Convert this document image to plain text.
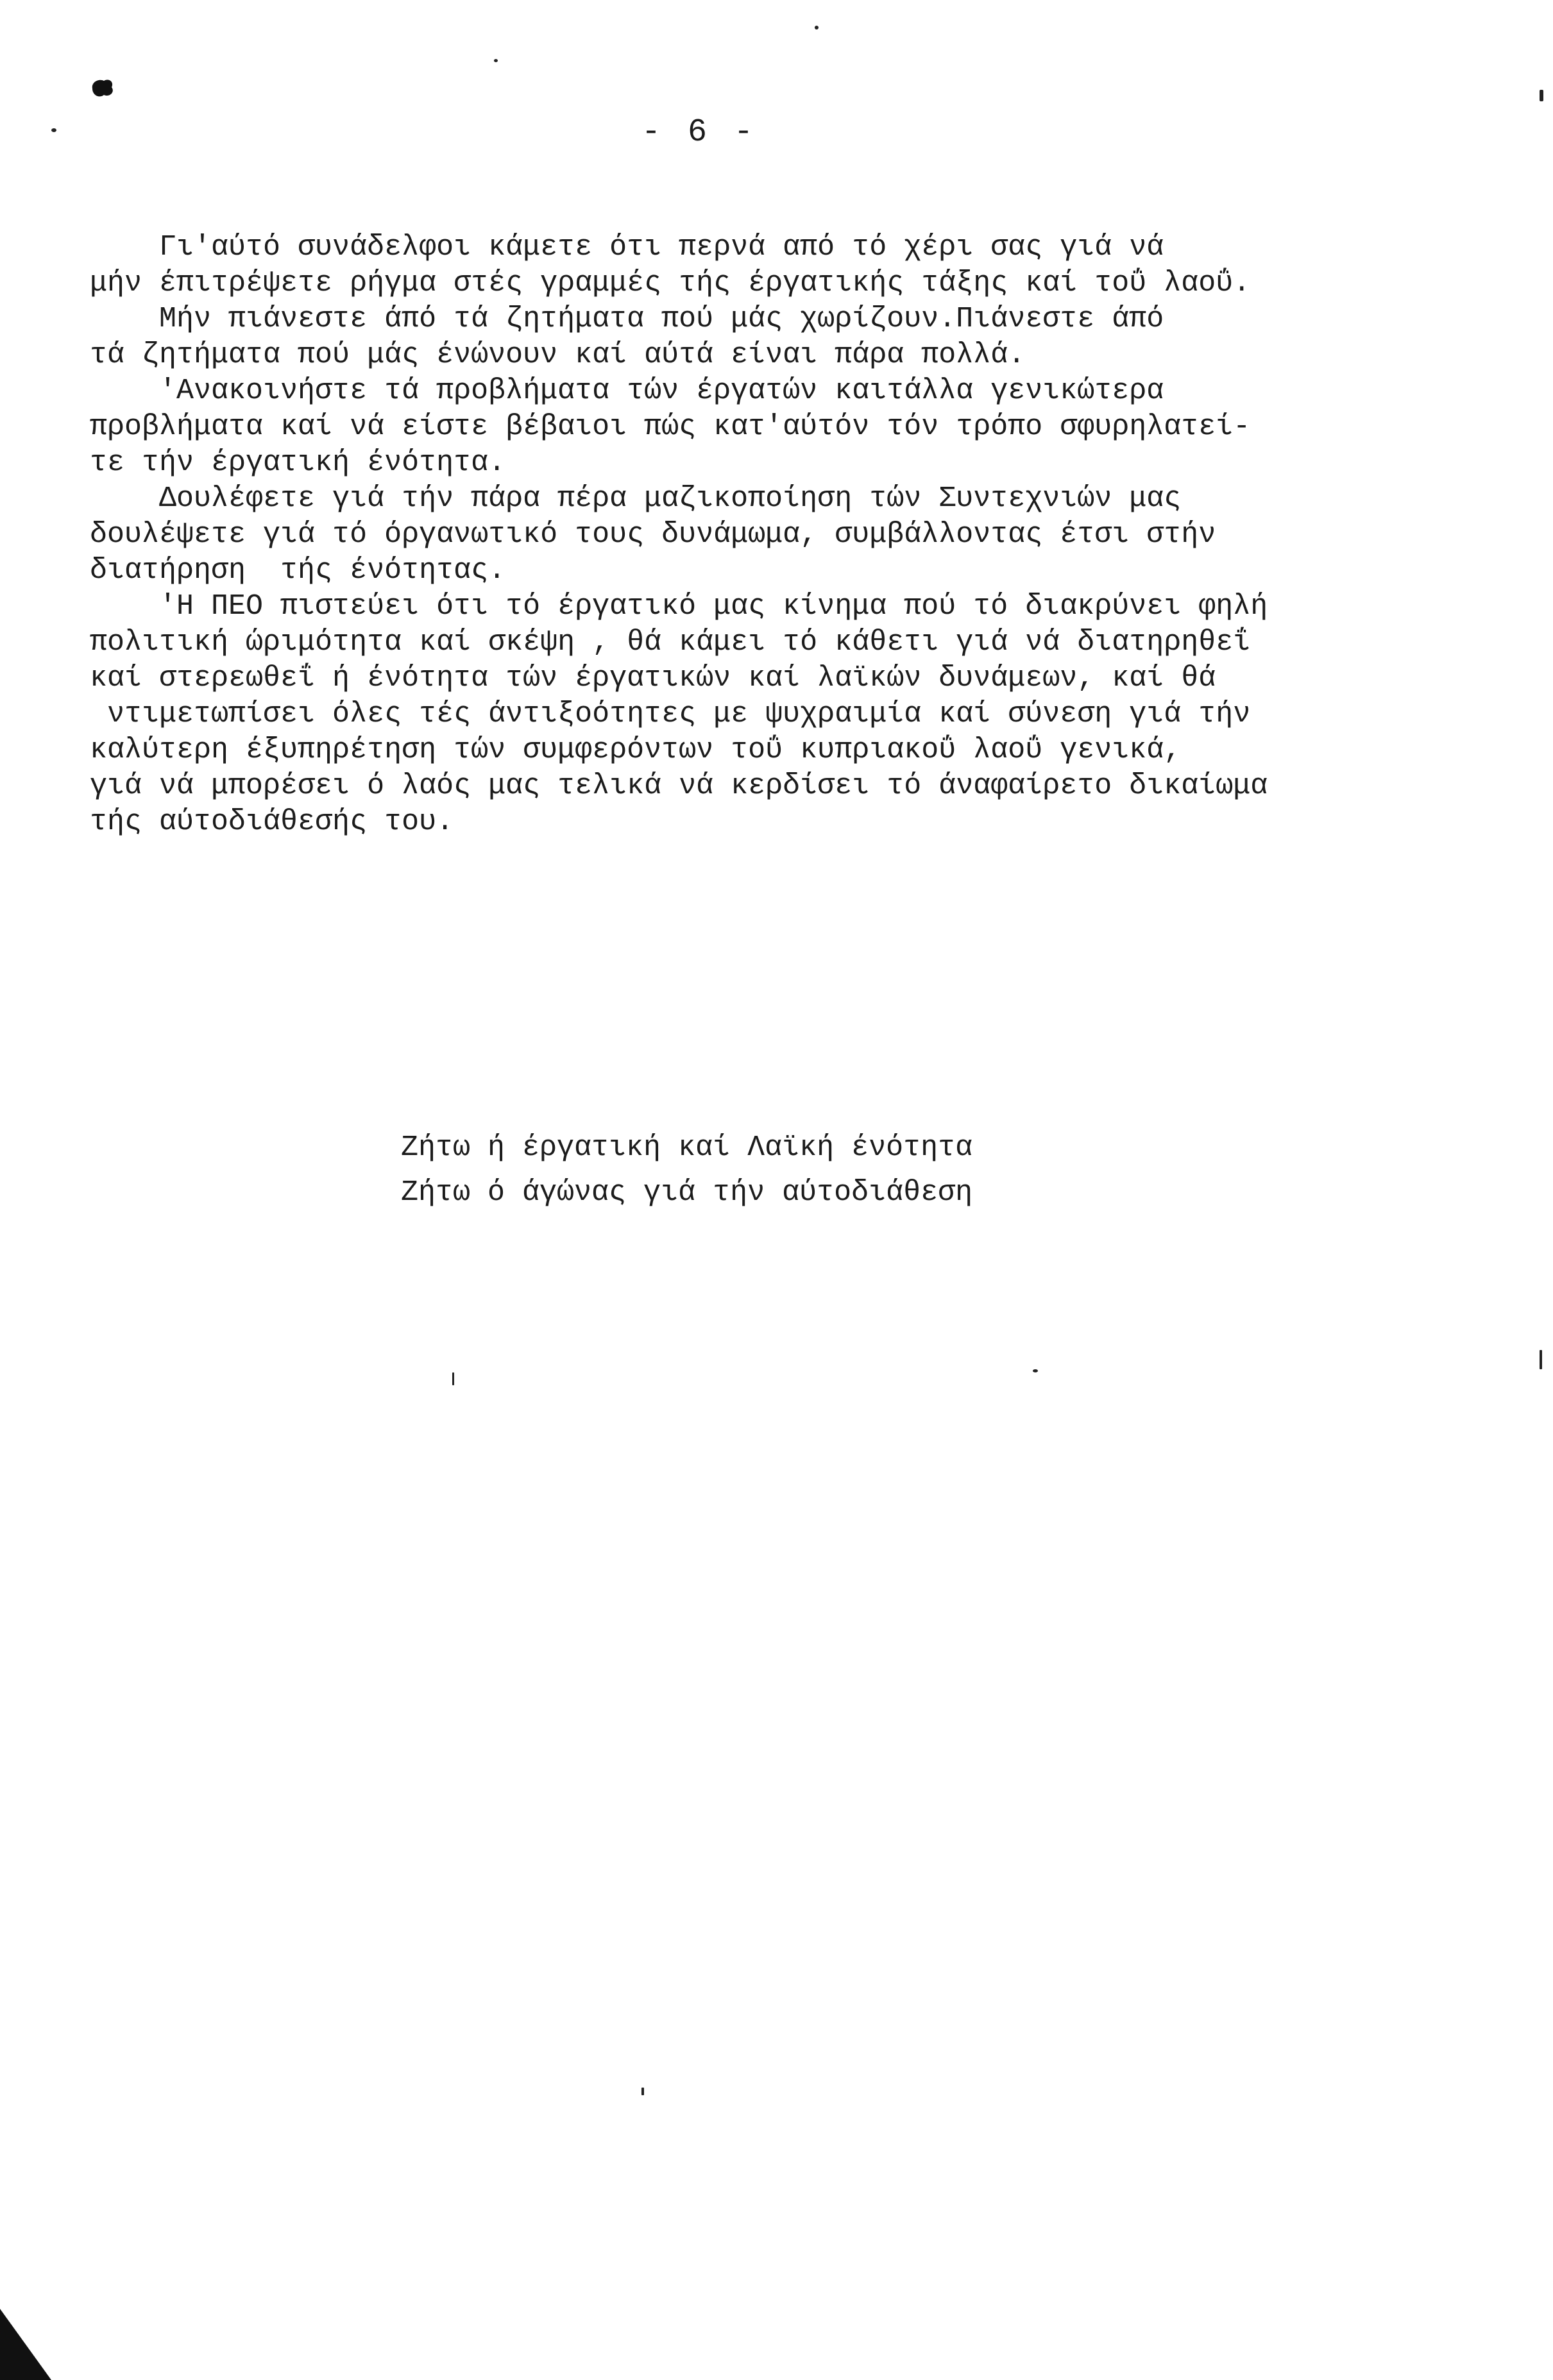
- 6 -
Γι'αύτό συνάδελφοι κάμετε ότι περνά από τό χέρι σας γιά νά
μήν έπιτρέψετε ρήγμα στές γραμμές τής έργατικής τάξης καί τοΰ λαοΰ.
Μήν πιάνεστε άπό τά ζητήματα πού μάς χωρίζουν.Πιάνεστε άπό
τά ζητήματα πού μάς ένώνουν καί αύτά είναι πάρα πολλά.
'Ανακοινήστε τά προβλήματα τών έργατών καιτάλλα γενικώτερα
προβλήματα καί νά είστε βέβαιοι πώς κατ'αύτόν τόν τρόπο σφυρηλατεί-
τε τήν έργατική ένότητα.
Δουλέφετε γιά τήν πάρα πέρα μαζικοποίηση τών Συντεχνιών μας
δουλέψετε γιά τό όργανωτικό τους δυνάμωμα, συμβάλλοντας έτσι στήν
διατήρηση  τής ένότητας.
'Η ΠΕΟ πιστεύει ότι τό έργατικό μας κίνημα πού τό διακρύνει φηλή
πολιτική ώριμότητα καί σκέψη , θά κάμει τό κάθετι γιά νά διατηρηθεΐ
καί στερεωθεΐ ή ένότητα τών έργατικών καί λαϊκών δυνάμεων, καί θά
ντιμετωπίσει όλες τές άντιξοότητες με ψυχραιμία καί σύνεση γιά τήν
καλύτερη έξυπηρέτηση τών συμφερόντων τοΰ κυπριακοΰ λαοΰ γενικά,
γιά νά μπορέσει ό λαός μας τελικά νά κερδίσει τό άναφαίρετο δικαίωμα
τής αύτοδιάθεσής του.
Ζήτω ή έργατική καί Λαϊκή ένότητα
Ζήτω ό άγώνας γιά τήν αύτοδιάθεση
